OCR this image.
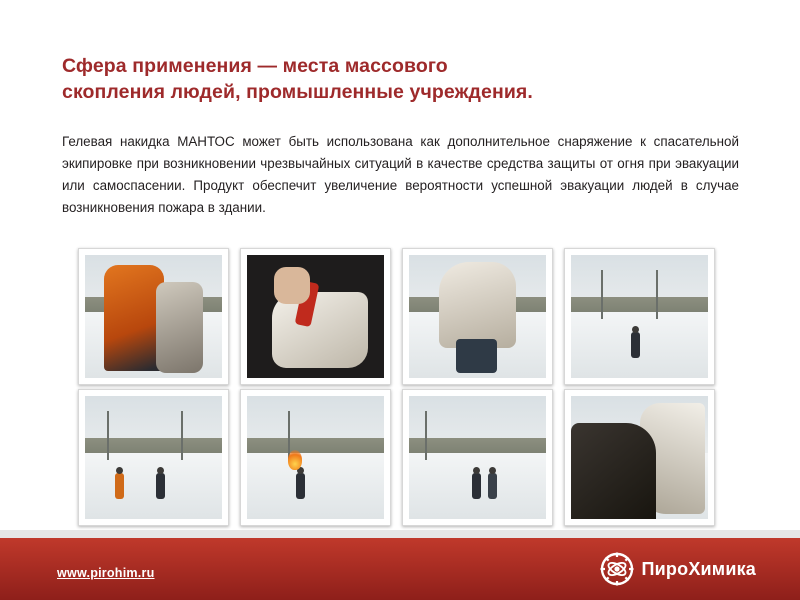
Сфера применения — места массового
скопления людей, промышленные учреждения.

Гелевая накидка МАНТОС может быть использована как дополнительное снаряжение к спасательной экипировке при возникновении чрезвычайных ситуаций в качестве средства защиты от огня при эвакуации или самоспасении. Продукт обеспечит увеличение вероятности успешной эвакуации людей в случае возникновения пожара в здании.

www.pirohim.ru	ПироХимика
